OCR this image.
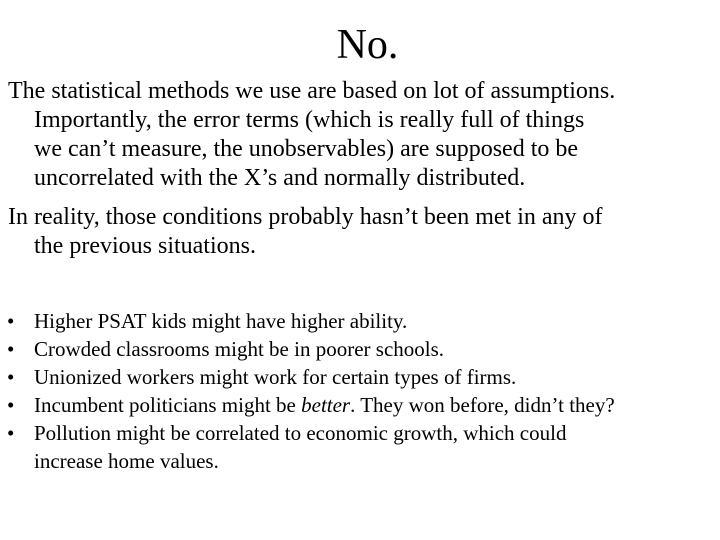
No.
The statistical methods we use are based on lot of assumptions.
Importantly, the error terms (which is really full of things
we can’t measure, the unobservables) are supposed to be
uncorrelated with the X’s and normally distributed.
In reality, those conditions probably hasn’t been met in any of
the previous situations.
• Higher PSAT kids might have higher ability.
• Crowded classrooms might be in poorer schools.
• Unionized workers might work for certain types of firms.
• Incumbent politicians might be better. They won before, didn’t they?
• Pollution might be correlated to economic growth, which could
increase home values.
